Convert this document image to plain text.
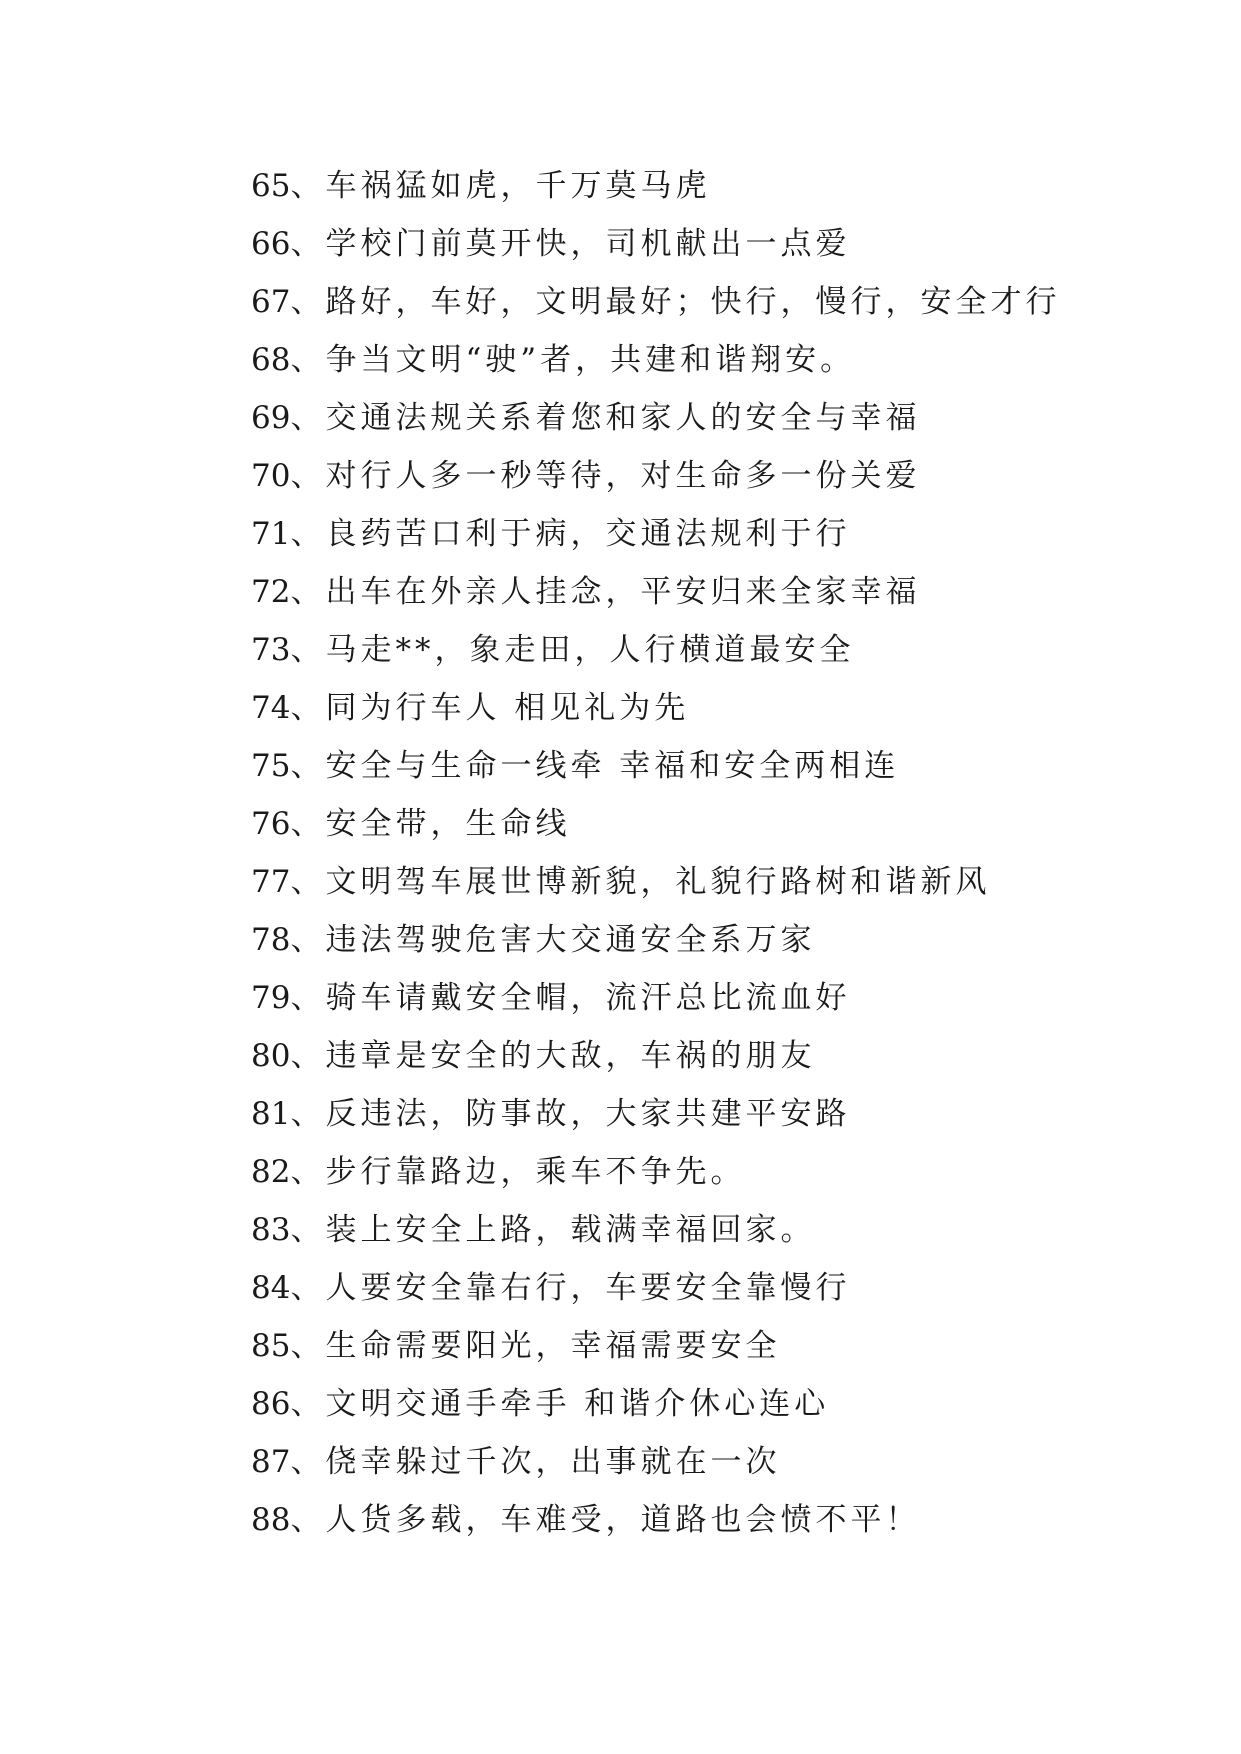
65、车祸猛如虎，千万莫马虎
66、学校门前莫开快，司机献出一点爱
67、路好，车好，文明最好；快行，慢行，安全才行
68、争当文明“驶”者，共建和谐翔安。
69、交通法规关系着您和家人的安全与幸福
70、对行人多一秒等待，对生命多一份关爱
71、良药苦口利于病，交通法规利于行
72、出车在外亲人挂念，平安归来全家幸福
73、马走**，象走田，人行横道最安全
74、同为行车人 相见礼为先
75、安全与生命一线牵 幸福和安全两相连
76、安全带，生命线
77、文明驾车展世博新貌，礼貌行路树和谐新风
78、违法驾驶危害大交通安全系万家
79、骑车请戴安全帽，流汗总比流血好
80、违章是安全的大敌，车祸的朋友
81、反违法，防事故，大家共建平安路
82、步行靠路边，乘车不争先。
83、装上安全上路，载满幸福回家。
84、人要安全靠右行，车要安全靠慢行
85、生命需要阳光，幸福需要安全
86、文明交通手牵手 和谐介休心连心
87、侥幸躲过千次，出事就在一次
88、人货多载，车难受，道路也会愤不平！
